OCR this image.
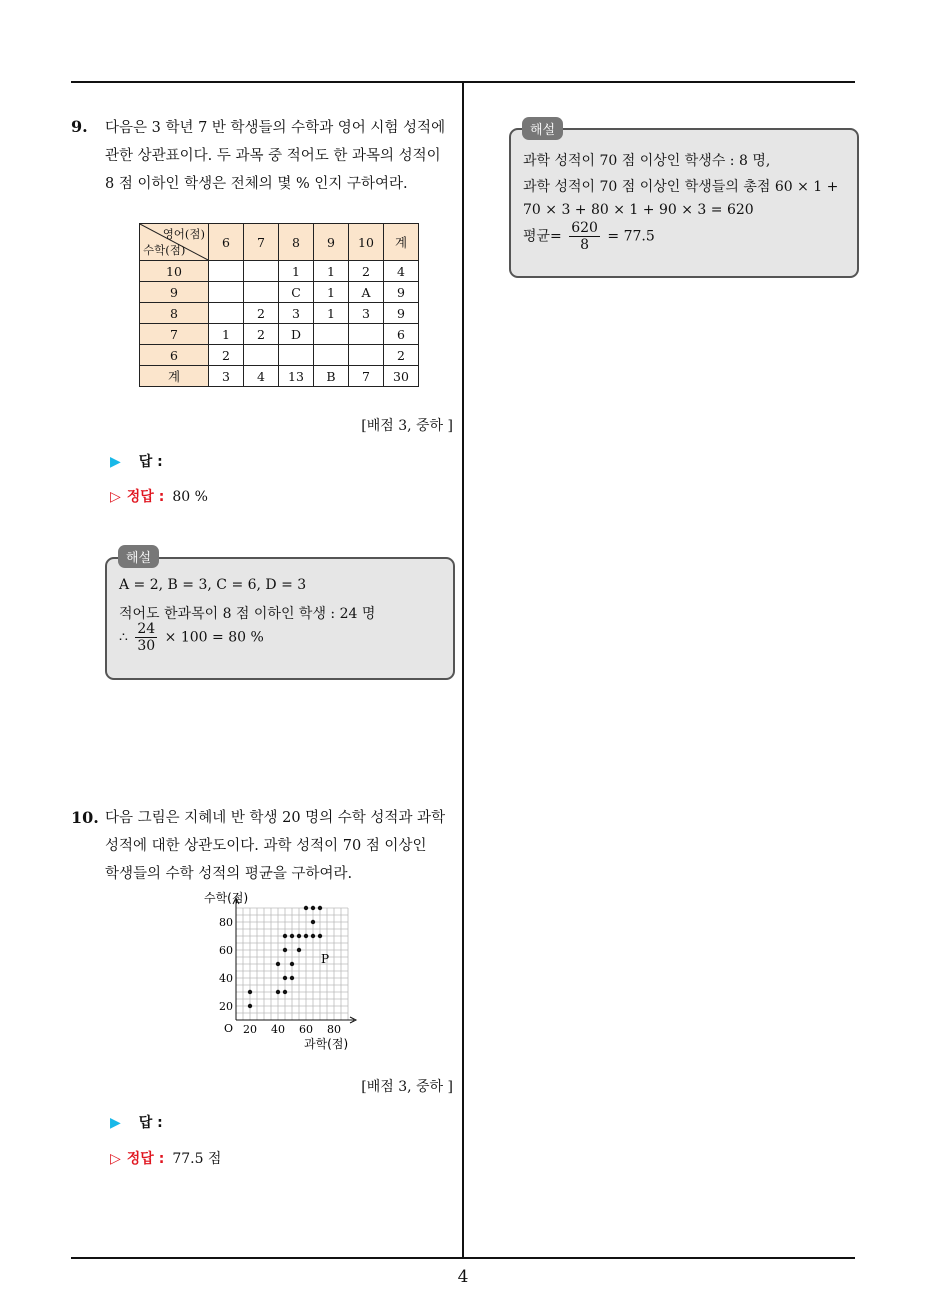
9. 다음은 3 학년 7 반 학생들의 수학과 영어 시험 성적에
관한 상관표이다. 두 과목 중 적어도 한 과목의 성적이
8 점 이하인 학생은 전체의 몇 % 인지 구하여라.
영어(점)
수학(점)	6	7	8	9	10	계
10			1	1	2	4
9			C	1	A	9
8		2	3	1	3	9
7	1	2	D			6
6	2					2
계	3	4	13	B	7	30
[배점 3, 중하 ]
▶ 답 :
▷ 정답 : 80 %
A = 2, B = 3, C = 6, D = 3
적어도 한과목이 8 점 이하인 학생 : 24 명
∴ $\frac{24}{30} \times 100 = 80$ %
해설
10. 다음 그림은 지혜네 반 학생 20 명의 수학 성적과 과학
성적에 대한 상관도이다. 과학 성적이 70 점 이상인
학생들의 수학 성적의 평균을 구하여라.
20 40 60 80
20
40
60
80
수학(점)
과학(점)
O
P
[배점 3, 중하 ]
▶ 답 :
▷ 정답 : 77.5 점
과학 성적이 70 점 이상인 학생수 : 8 명,
과학 성적이 70 점 이상인 학생들의 총점 60 × 1 +
70 × 3 + 80 × 1 + 90 × 3 = 620
평균= $\frac{620}{8} = 77.5$
해설
4
